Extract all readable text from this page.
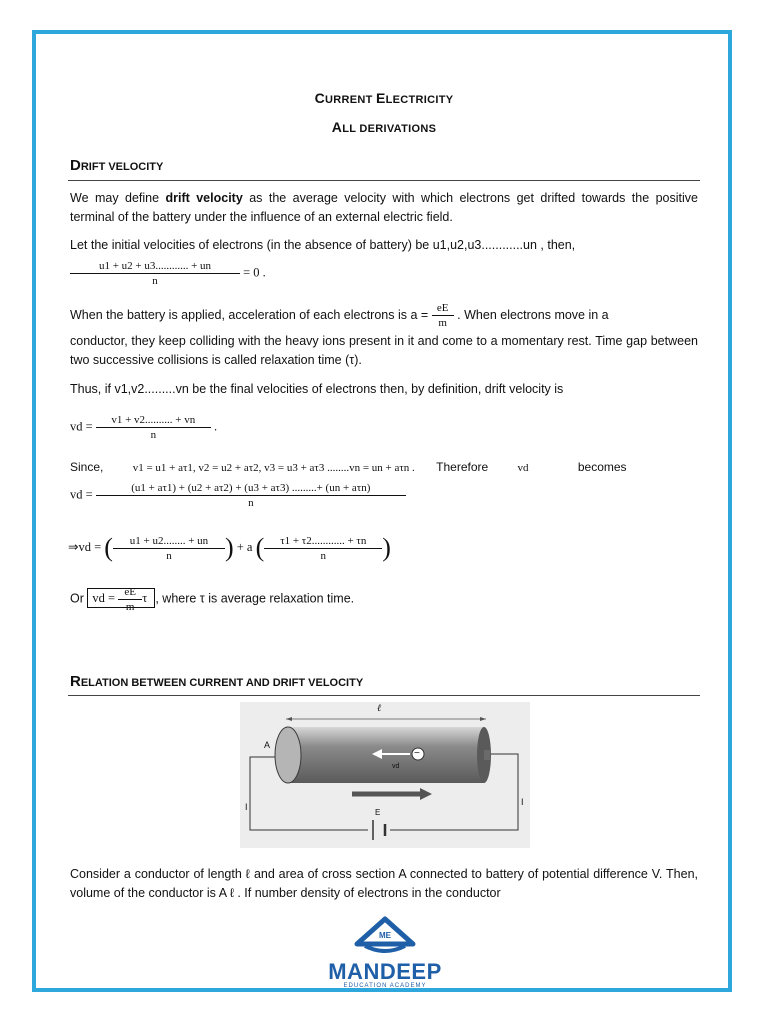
CURRENT ELECTRICITY
ALL DERIVATIONS
DRIFT VELOCITY
We may define drift velocity as the average velocity with which electrons get drifted towards the positive terminal of the battery under the influence of an external electric field.
Let the initial velocities of electrons (in the absence of battery) be u1,u2,u3............un , then,
$\frac{u1 + u2 + u3............ + un}{n} = 0$ .
When the battery is applied, acceleration of each electrons is $a = \frac{eE}{m}$ . When electrons move in a
conductor, they keep colliding with the heavy ions present in it and come to a momentary rest. Time gap between two successive collisions is called relaxation time (τ).
Thus, if v1,v2.........vn be the final velocities of electrons then, by definition, drift velocity is
vd = $\frac{v1 + v2.......... + vn}{n}$ .
Since,	v1 = u1 + aτ1, v2 = u2 + aτ2, v3 = u3 + aτ3 ........vn = un + aτn . Therefore	vd	becomes
vd = $\frac{\text{(u1 + aτ1) + (u2 + aτ2) + (u3 + aτ3) .........+ (un + aτn)}}{n}$
⇒vd = ( $\frac{u1 + u2........ + un}{n}$ ) + a ( $\frac{\tau 1 + \tau 2............ + \tau n}{n}$ )
Or vd = $\frac{eE}{m}$ τ , where τ is average relaxation time.
RELATION BETWEEN CURRENT AND DRIFT VELOCITY
ℓ
A
−
vd
I	I
E
Consider a conductor of length ℓ and area of cross section A connected to battery of potential difference V. Then, volume of the conductor is A ℓ . If number density of electrons in the conductor
ME
MANDEEP
EDUCATION ACADEMY
